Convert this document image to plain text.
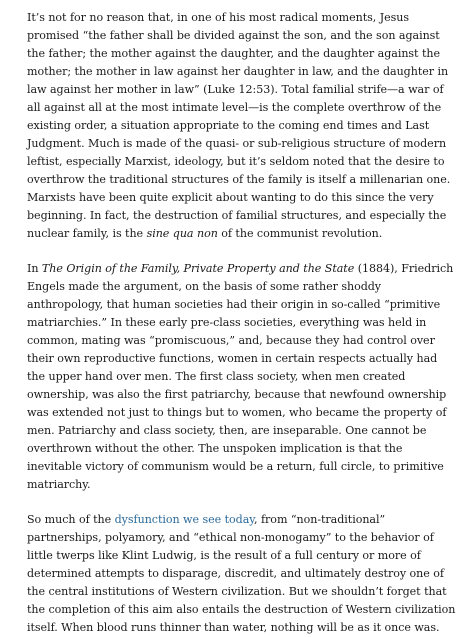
It’s not for no reason that, in one of his most radical moments, Jesus promised “the father shall be divided against the son, and the son against the father; the mother against the daughter, and the daughter against the mother; the mother in law against her daughter in law, and the daughter in law against her mother in law” (Luke 12:53). Total familial strife—a war of all against all at the most intimate level—is the complete overthrow of the existing order, a situation appropriate to the coming end times and Last Judgment. Much is made of the quasi- or sub-religious structure of modern leftist, especially Marxist, ideology, but it’s seldom noted that the desire to overthrow the traditional structures of the family is itself a millenarian one. Marxists have been quite explicit about wanting to do this since the very beginning. In fact, the destruction of familial structures, and especially the nuclear family, is the sine qua non of the communist revolution.

In The Origin of the Family, Private Property and the State (1884), Friedrich Engels made the argument, on the basis of some rather shoddy anthropology, that human societies had their origin in so-called “primitive matriarchies.” In these early pre-class societies, everything was held in common, mating was “promiscuous,” and, because they had control over their own reproductive functions, women in certain respects actually had the upper hand over men. The first class society, when men created ownership, was also the first patriarchy, because that newfound ownership was extended not just to things but to women, who became the property of men. Patriarchy and class society, then, are inseparable. One cannot be overthrown without the other. The unspoken implication is that the inevitable victory of communism would be a return, full circle, to primitive matriarchy.

So much of the dysfunction we see today, from “non-traditional” partnerships, polyamory, and “ethical non-monogamy” to the behavior of little twerps like Klint Ludwig, is the result of a full century or more of determined attempts to disparage, discredit, and ultimately destroy one of the central institutions of Western civilization. But we shouldn’t forget that the completion of this aim also entails the destruction of Western civilization itself. When blood runs thinner than water, nothing will be as it once was.
